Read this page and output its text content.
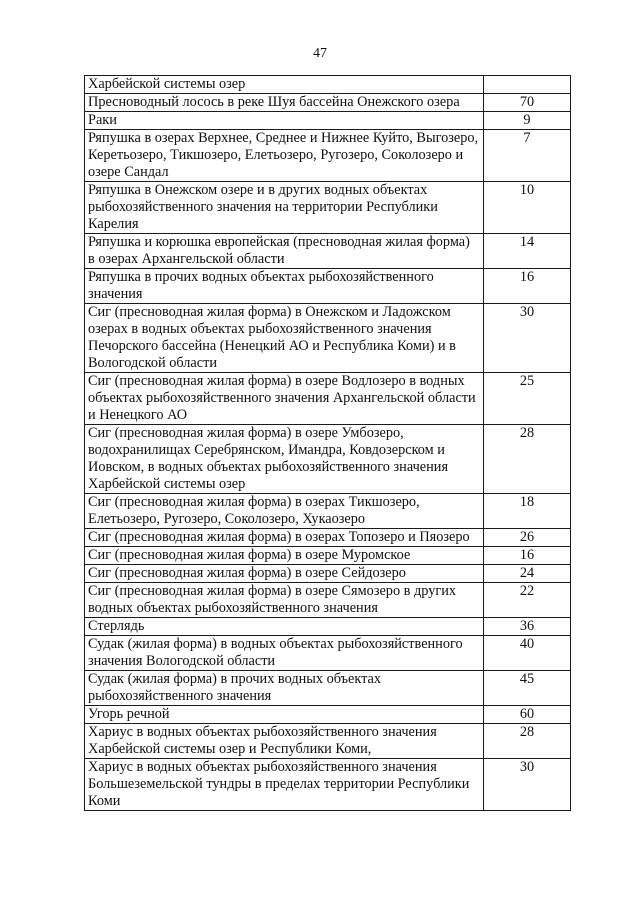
47
Харбейской системы озер	
Пресноводный лосось в реке Шуя бассейна Онежского озера	70
Раки	9
Ряпушка в озерах Верхнее, Среднее и Нижнее Куйто, Выгозеро, Керетьозеро, Тикшозеро, Елетьозеро, Ругозеро, Соколозеро и озере Сандал	7
Ряпушка в Онежском озере и в других водных объектах рыбохозяйственного значения на территории Республики Карелия	10
Ряпушка и корюшка европейская (пресноводная жилая форма) в озерах Архангельской области	14
Ряпушка в прочих водных объектах рыбохозяйственного значения	16
Сиг (пресноводная жилая форма) в Онежском и Ладожском озерах в водных объектах рыбохозяйственного значения Печорского бассейна (Ненецкий АО и Республика Коми) и в Вологодской области	30
Сиг (пресноводная жилая форма) в озере Водлозеро в водных объектах рыбохозяйственного значения Архангельской области и Ненецкого АО	25
Сиг (пресноводная жилая форма) в озере Умбозеро, водохранилищах Серебрянском, Имандра, Ковдозерском и Иовском, в водных объектах рыбохозяйственного значения Харбейской системы озер	28
Сиг (пресноводная жилая форма) в озерах Тикшозеро, Елетьозеро, Ругозеро, Соколозеро, Хукаозеро	18
Сиг (пресноводная жилая форма) в озерах Топозеро и Пяозеро	26
Сиг (пресноводная жилая форма) в озере Муромское	16
Сиг (пресноводная жилая форма) в озере Сейдозеро	24
Сиг (пресноводная жилая форма) в озере Сямозеро в других водных объектах рыбохозяйственного значения	22
Стерлядь	36
Судак (жилая форма) в водных объектах рыбохозяйственного значения Вологодской области	40
Судак (жилая форма) в прочих водных объектах рыбохозяйственного значения	45
Угорь речной	60
Хариус в водных объектах рыбохозяйственного значения Харбейской системы озер и Республики Коми,	28
Хариус в водных объектах рыбохозяйственного значения Большеземельской тундры в пределах территории Республики Коми	30
